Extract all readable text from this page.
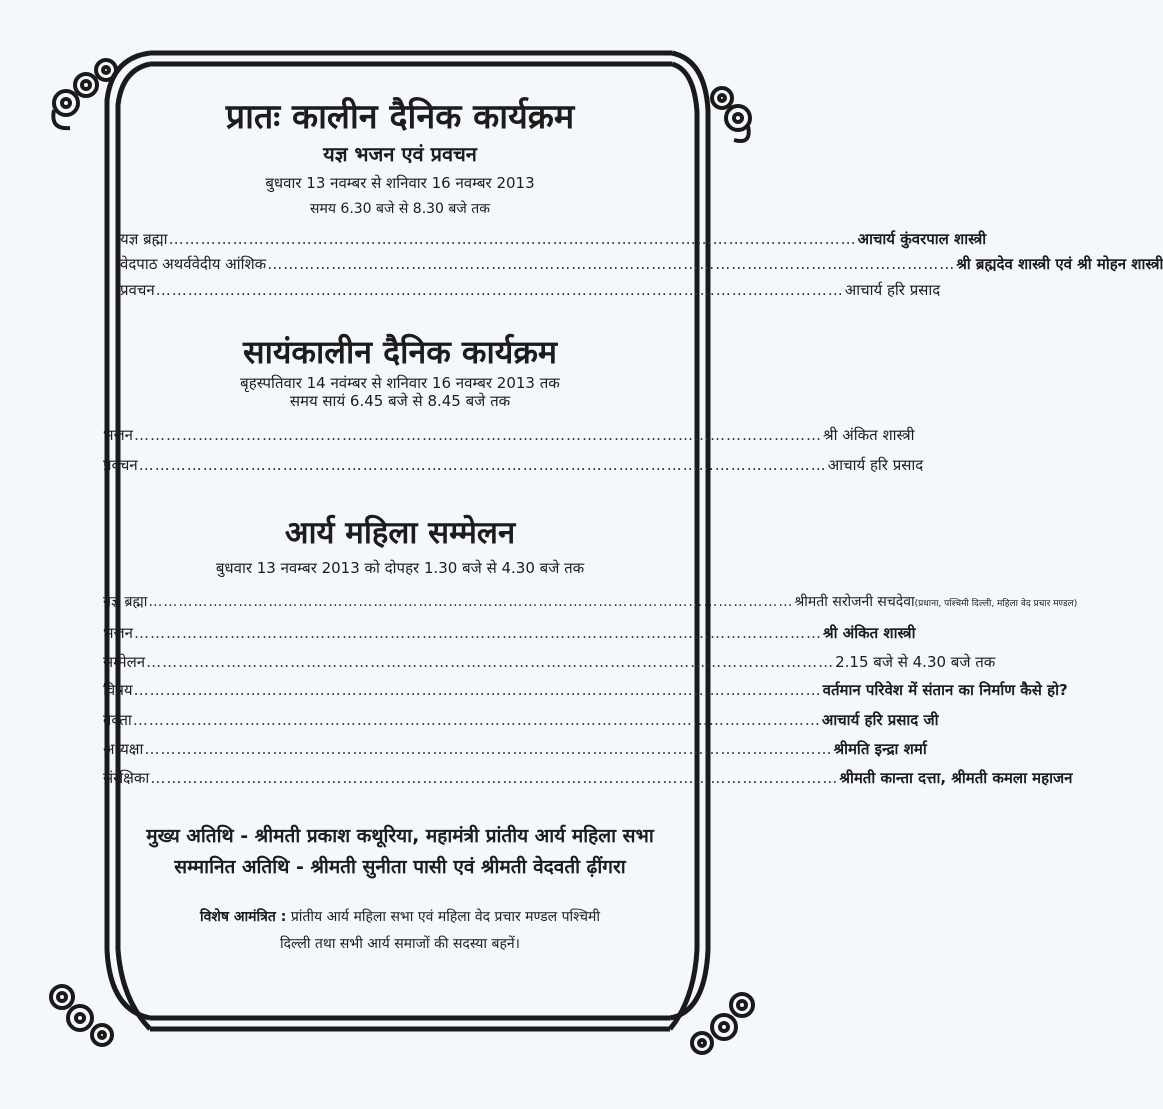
प्रातः कालीन दैनिक कार्यक्रम
यज्ञ भजन एवं प्रवचन
बुधवार 13 नवम्बर से शनिवार 16 नवम्बर 2013
समय 6.30 बजे से 8.30 बजे तक
यज्ञ ब्रह्मा ………………………………………………………………………………………………………………… आचार्य कुंवरपाल शास्त्री
वेदपाठ अथर्ववेदीय आंशिक ………………………………………………………………………………………………………………… श्री ब्रह्मदेव शास्त्री एवं श्री मोहन शास्त्री
प्रवचन ………………………………………………………………………………………………………………… आचार्य हरि प्रसाद
सायंकालीन दैनिक कार्यक्रम
बृहस्पतिवार 14 नवंम्बर से शनिवार 16 नवम्बर 2013 तक
समय सायं 6.45 बजे से 8.45 बजे तक
भजन ………………………………………………………………………………………………………………… श्री अंकित शास्त्री
प्रवचन ………………………………………………………………………………………………………………… आचार्य हरि प्रसाद
आर्य महिला सम्मेलन
बुधवार 13 नवम्बर 2013 को दोपहर 1.30 बजे से 4.30 बजे तक
यज्ञ ब्रह्मा ………………………………………………………………………………………………………………… श्रीमती सरोजनी सचदेवा(प्रधाना, पश्चिमी दिल्ली, महिला वेद प्रचार मण्डल)
भजन ………………………………………………………………………………………………………………… श्री अंकित शास्त्री
सम्मेलन ………………………………………………………………………………………………………………… 2.15 बजे से 4.30 बजे तक
विषय ………………………………………………………………………………………………………………… वर्तमान परिवेश में संतान का निर्माण कैसे हो?
वक्ता ………………………………………………………………………………………………………………… आचार्य हरि प्रसाद जी
अध्यक्षा ………………………………………………………………………………………………………………… श्रीमति इन्द्रा शर्मा
संरक्षिका ………………………………………………………………………………………………………………… श्रीमती कान्ता दत्ता, श्रीमती कमला महाजन
मुख्य अतिथि - श्रीमती प्रकाश कथूरिया, महामंत्री प्रांतीय आर्य महिला सभा
सम्मानित अतिथि - श्रीमती सुनीता पासी एवं श्रीमती वेदवती ढ़ींगरा
विशेष आमंत्रित : प्रांतीय आर्य महिला सभा एवं महिला वेद प्रचार मण्डल पश्चिमी
दिल्ली तथा सभी आर्य समाजों की सदस्या बहनें।
